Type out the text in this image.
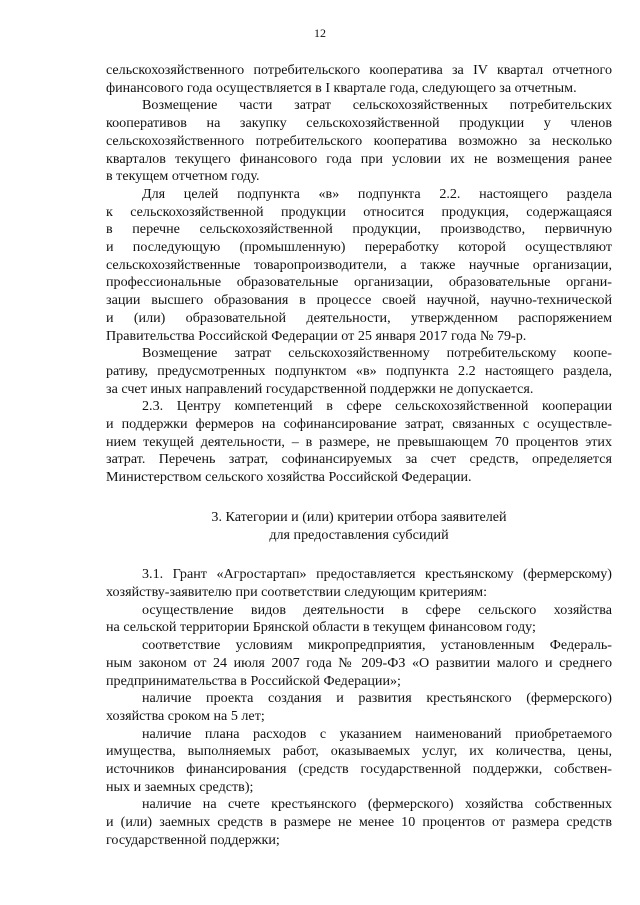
12

сельскохозяйственного потребительского кооператива за IV квартал отчетного
финансового года осуществляется в I квартале года, следующего за отчетным.

Возмещение части затрат сельскохозяйственных потребительских
кооперативов на закупку сельскохозяйственной продукции у членов
сельскохозяйственного потребительского кооператива возможно за несколько
кварталов текущего финансового года при условии их не возмещения ранее
в текущем отчетном году.

Для целей подпункта «в» подпункта 2.2. настоящего раздела
к сельскохозяйственной продукции относится продукция, содержащаяся
в перечне сельскохозяйственной продукции, производство, первичную
и последующую (промышленную) переработку которой осуществляют
сельскохозяйственные товаропроизводители, а также научные организации,
профессиональные образовательные организации, образовательные органи-
зации высшего образования в процессе своей научной, научно-технической
и (или) образовательной деятельности, утвержденном распоряжением
Правительства Российской Федерации от 25 января 2017 года № 79-р.

Возмещение затрат сельскохозяйственному потребительскому коопе-
ративу, предусмотренных подпунктом «в» подпункта 2.2 настоящего раздела,
за счет иных направлений государственной поддержки не допускается.

2.3. Центру компетенций в сфере сельскохозяйственной кооперации
и поддержки фермеров на софинансирование затрат, связанных с осуществле-
нием текущей деятельности, – в размере, не превышающем 70 процентов этих
затрат. Перечень затрат, софинансируемых за счет средств, определяется
Министерством сельского хозяйства Российской Федерации.

3. Категории и (или) критерии отбора заявителей
для предоставления субсидий

3.1. Грант «Агростартап» предоставляется крестьянскому (фермерскому)
хозяйству-заявителю при соответствии следующим критериям:

осуществление видов деятельности в сфере сельского хозяйства
на сельской территории Брянской области в текущем финансовом году;

соответствие условиям микропредприятия, установленным Федераль-
ным законом от 24 июля 2007 года № 209-ФЗ «О развитии малого и среднего
предпринимательства в Российской Федерации»;

наличие проекта создания и развития крестьянского (фермерского)
хозяйства сроком на 5 лет;

наличие плана расходов с указанием наименований приобретаемого
имущества, выполняемых работ, оказываемых услуг, их количества, цены,
источников финансирования (средств государственной поддержки, собствен-
ных и заемных средств);

наличие на счете крестьянского (фермерского) хозяйства собственных
и (или) заемных средств в размере не менее 10 процентов от размера средств
государственной поддержки;
